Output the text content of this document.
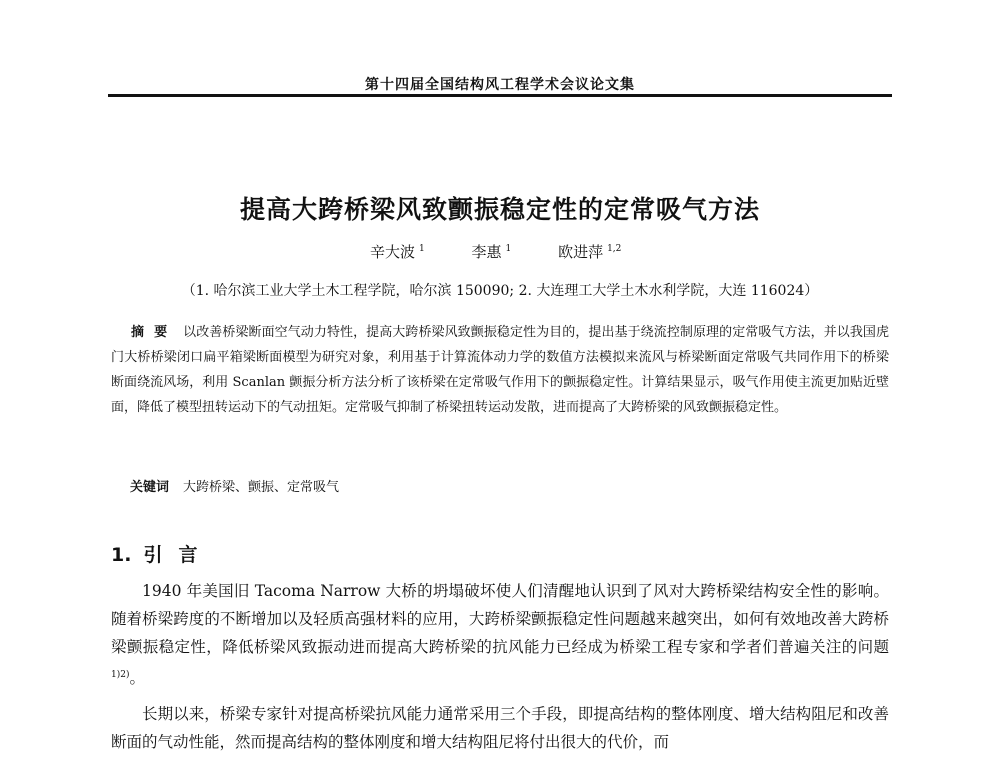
第十四届全国结构风工程学术会议论文集
提高大跨桥梁风致颤振稳定性的定常吸气方法
辛大波 $^1$	李惠 $^1$	欧进萍 $^{1,2}$
（1. 哈尔滨工业大学土木工程学院，哈尔滨 150090; 2. 大连理工大学土木水利学院，大连 116024）
摘要 以改善桥梁断面空气动力特性，提高大跨桥梁风致颤振稳定性为目的，提出基于绕流控制原理的定常吸气方法，并以我国虎门大桥桥梁闭口扁平箱梁断面模型为研究对象，利用基于计算流体动力学的数值方法模拟来流风与桥梁断面定常吸气共同作用下的桥梁断面绕流风场，利用 Scanlan 颤振分析方法分析了该桥梁在定常吸气作用下的颤振稳定性。计算结果显示，吸气作用使主流更加贴近壁面，降低了模型扭转运动下的气动扭矩。定常吸气抑制了桥梁扭转运动发散，进而提高了大跨桥梁的风致颤振稳定性。
关键词 大跨桥梁、颤振、定常吸气
1. 引言

1940 年美国旧 Tacoma Narrow 大桥的坍塌破坏使人们清醒地认识到了风对大跨桥梁结构安全性的影响。随着桥梁跨度的不断增加以及轻质高强材料的应用，大跨桥梁颤振稳定性问题越来越突出，如何有效地改善大跨桥梁颤振稳定性，降低桥梁风致振动进而提高大跨桥梁的抗风能力已经成为桥梁工程专家和学者们普遍关注的问题$^{1)2)}$。

长期以来，桥梁专家针对提高桥梁抗风能力通常采用三个手段，即提高结构的整体刚度、增大结构阻尼和改善断面的气动性能，然而提高结构的整体刚度和增大结构阻尼将付出很大的代价，而
